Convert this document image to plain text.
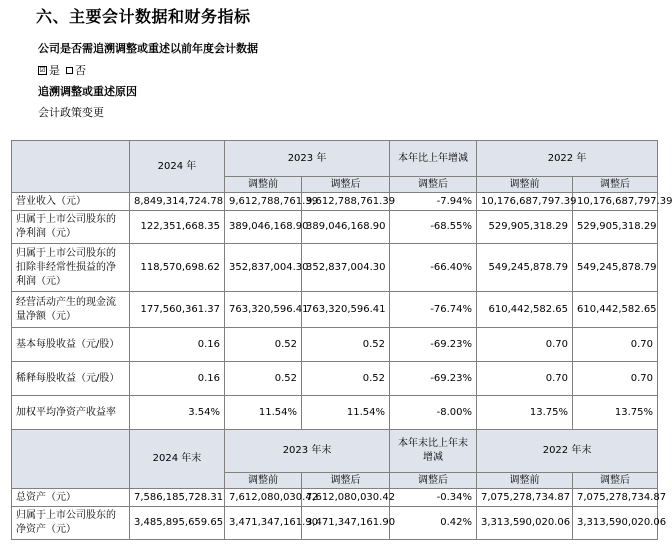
六、主要会计数据和财务指标
公司是否需追溯调整或重述以前年度会计数据
☑ 是 否
追溯调整或重述原因
会计政策变更
	2024 年	2023 年		本年比上年增减	2022 年	
		调整前	调整后	调整后	调整前	调整后
营业收入（元）	8,849,314,724.78	9,612,788,761.39	9,612,788,761.39	-7.94%	10,176,687,797.39	10,176,687,797.39
归属于上市公司股东的净利润（元）	122,351,668.35	389,046,168.90	389,046,168.90	-68.55%	529,905,318.29	529,905,318.29
归属于上市公司股东的扣除非经常性损益的净利润（元）	118,570,698.62	352,837,004.30	352,837,004.30	-66.40%	549,245,878.79	549,245,878.79
经营活动产生的现金流量净额（元）	177,560,361.37	763,320,596.41	763,320,596.41	-76.74%	610,442,582.65	610,442,582.65
基本每股收益（元/股）	0.16	0.52	0.52	-69.23%	0.70	0.70
稀释每股收益（元/股）	0.16	0.52	0.52	-69.23%	0.70	0.70
加权平均净资产收益率	3.54%	11.54%	11.54%	-8.00%	13.75%	13.75%
	2024 年末	2023 年末		本年末比上年末增减	2022 年末	
		调整前	调整后	调整后	调整前	调整后
总资产（元）	7,586,185,728.31	7,612,080,030.42	7,612,080,030.42	-0.34%	7,075,278,734.87	7,075,278,734.87
归属于上市公司股东的净资产（元）	3,485,895,659.65	3,471,347,161.90	3,471,347,161.90	0.42%	3,313,590,020.06	3,313,590,020.06
